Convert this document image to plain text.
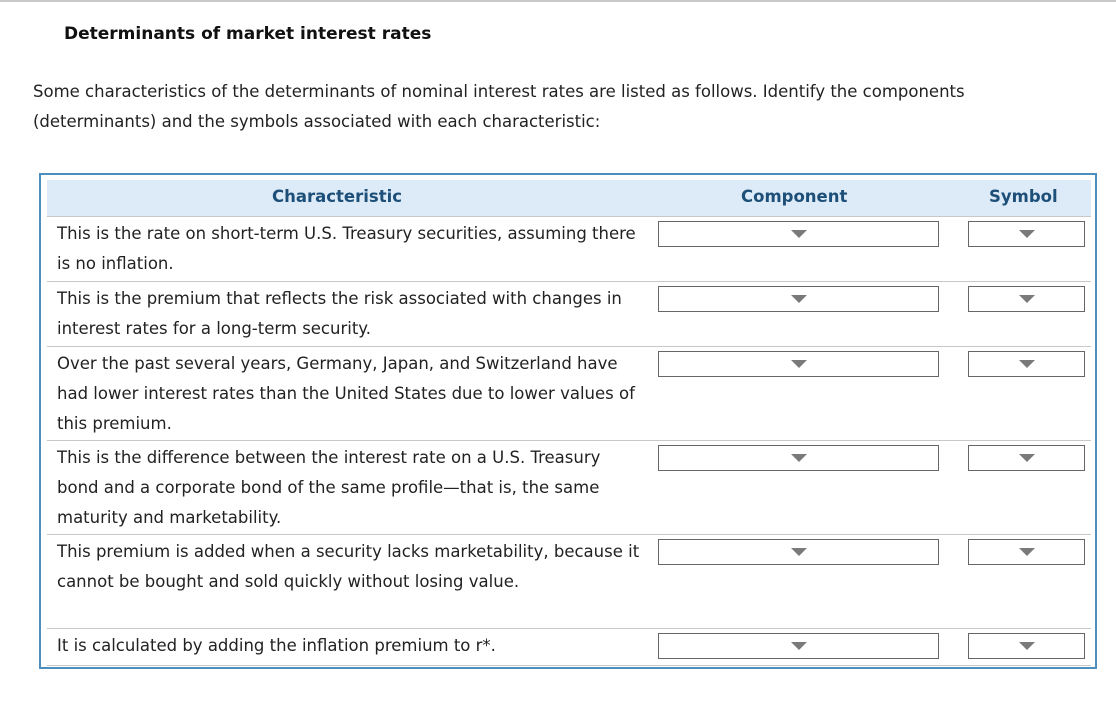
Determinants of market interest rates
Some characteristics of the determinants of nominal interest rates are listed as follows. Identify the components (determinants) and the symbols associated with each characteristic:
Characteristic	Component	Symbol
This is the rate on short-term U.S. Treasury securities, assuming there is no inflation.
This is the premium that reflects the risk associated with changes in interest rates for a long-term security.
Over the past several years, Germany, Japan, and Switzerland have had lower interest rates than the United States due to lower values of this premium.
This is the difference between the interest rate on a U.S. Treasury bond and a corporate bond of the same profile—that is, the same maturity and marketability.
This premium is added when a security lacks marketability, because it cannot be bought and sold quickly without losing value.
It is calculated by adding the inflation premium to r*.
